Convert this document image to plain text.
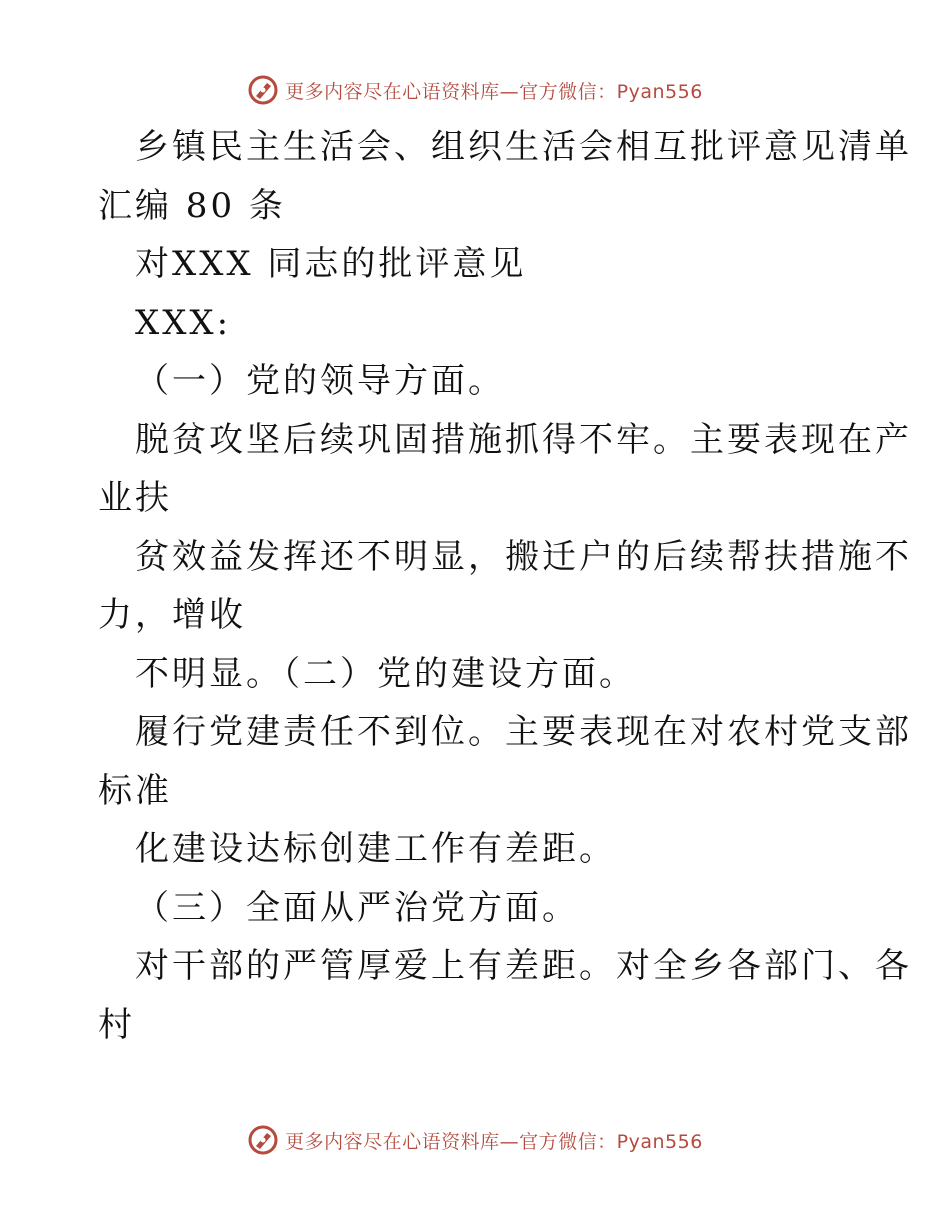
更多内容尽在心语资料库—官方微信：Pyan556
乡镇民主生活会、组织生活会相互批评意见清单
汇编 80 条
对XXX 同志的批评意见
XXX:
（一）党的领导方面。
脱贫攻坚后续巩固措施抓得不牢。主要表现在产
业扶
贫效益发挥还不明显，搬迁户的后续帮扶措施不
力，增收
不明显。（二）党的建设方面。
履行党建责任不到位。主要表现在对农村党支部
标准
化建设达标创建工作有差距。
（三）全面从严治党方面。
对干部的严管厚爱上有差距。对全乡各部门、各
村
更多内容尽在心语资料库—官方微信：Pyan556
